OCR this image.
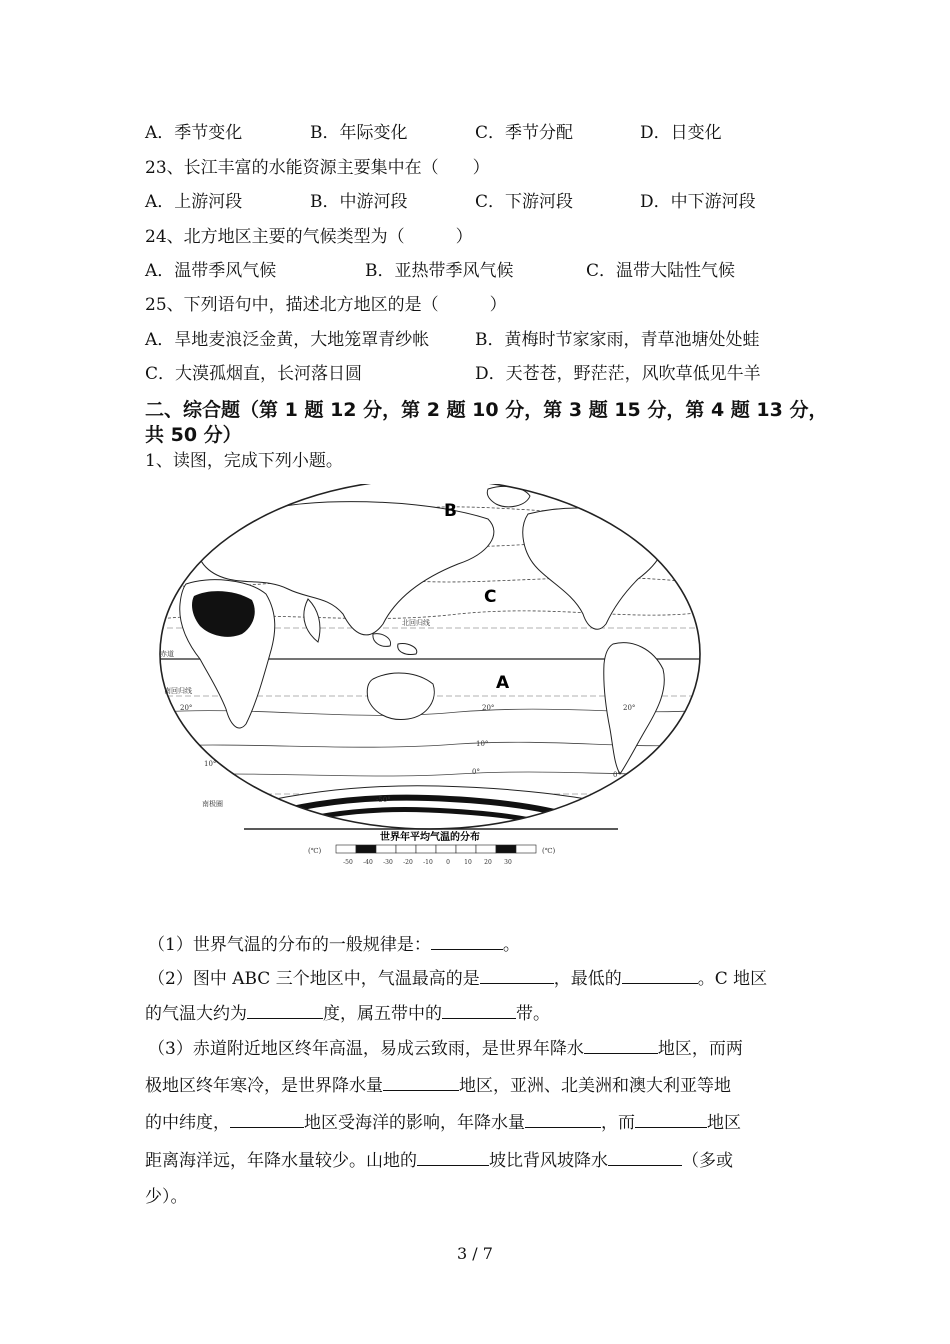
A．季节变化	B．年际变化	C．季节分配	D．日变化
23、长江丰富的水能资源主要集中在（　　）
A．上游河段	B．中游河段	C．下游河段	D．中下游河段
24、北方地区主要的气候类型为（　　　）
A．温带季风气候	B．亚热带季风气候	C．温带大陆性气候
25、下列语句中，描述北方地区的是（　　　）
A．旱地麦浪泛金黄，大地笼罩青纱帐	B．黄梅时节家家雨，青草池塘处处蛙
C．大漠孤烟直，长河落日圆	D．天苍苍，野茫茫，风吹草低见牛羊
二、综合题（第 1 题 12 分，第 2 题 10 分，第 3 题 15 分，第 4 题 13 分，
共 50 分）
1、读图，完成下列小题。
B
C
A
北回归线
赤道
南回归线
南极圈
20°	20°	20°
10°
10°
0°	0°
-50°
世界年平均气温的分布
(℃)	(℃)
-50 -40 -30 -20 -10 0 10 20 30
（1）世界气温的分布的一般规律是：	。
（2）图中 ABC 三个地区中，气温最高的是	，最低的	。C 地区
的气温大约为	度，属五带中的	带。
（3）赤道附近地区终年高温，易成云致雨，是世界年降水	地区，而两
极地区终年寒冷，是世界降水量	地区，亚洲、北美洲和澳大利亚等地
的中纬度，	地区受海洋的影响，年降水量	，而	地区
距离海洋远，年降水量较少。山地的	坡比背风坡降水	（多或
少）。
3 / 7
